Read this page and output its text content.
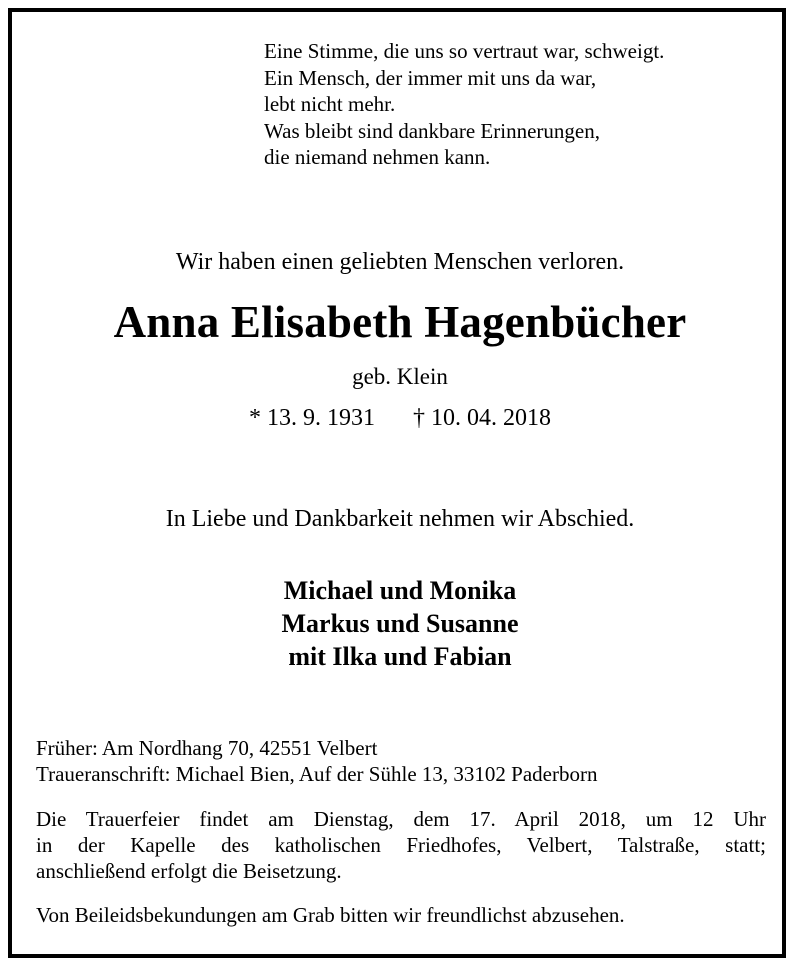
Eine Stimme, die uns so vertraut war, schweigt.
Ein Mensch, der immer mit uns da war,
lebt nicht mehr.
Was bleibt sind dankbare Erinnerungen,
die niemand nehmen kann.
Wir haben einen geliebten Menschen verloren.
Anna Elisabeth Hagenbücher
geb. Klein
* 13. 9. 1931 † 10. 04. 2018
In Liebe und Dankbarkeit nehmen wir Abschied.
Michael und Monika
Markus und Susanne
mit Ilka und Fabian
Früher: Am Nordhang 70, 42551 Velbert
Traueranschrift: Michael Bien, Auf der Sühle 13, 33102 Paderborn
Die Trauerfeier findet am Dienstag, dem 17. April 2018, um 12 Uhr
in der Kapelle des katholischen Friedhofes, Velbert, Talstraße, statt;
anschließend erfolgt die Beisetzung.
Von Beileidsbekundungen am Grab bitten wir freundlichst abzusehen.
